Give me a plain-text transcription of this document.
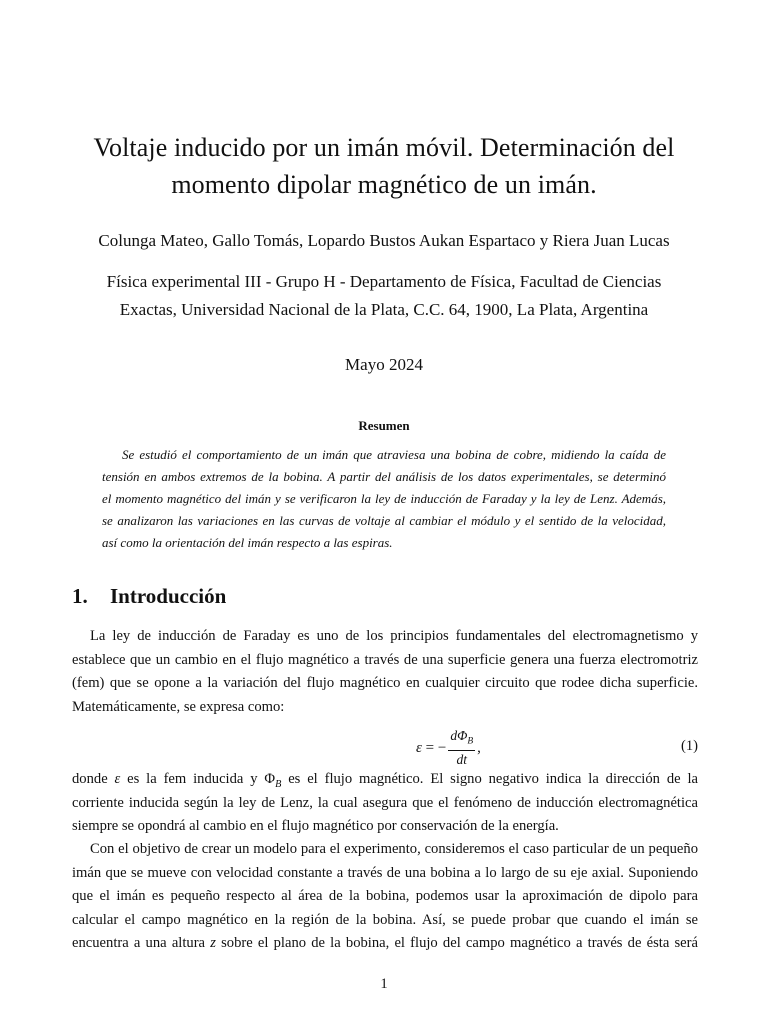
Voltaje inducido por un imán móvil. Determinación del
momento dipolar magnético de un imán.
Colunga Mateo, Gallo Tomás, Lopardo Bustos Aukan Espartaco y Riera Juan Lucas
Física experimental III - Grupo H - Departamento de Física, Facultad de Ciencias
Exactas, Universidad Nacional de la Plata, C.C. 64, 1900, La Plata, Argentina
Mayo 2024
Resumen
Se estudió el comportamiento de un imán que atraviesa una bobina de cobre, midiendo la caída de
tensión en ambos extremos de la bobina. A partir del análisis de los datos experimentales, se determinó
el momento magnético del imán y se verificaron la ley de inducción de Faraday y la ley de Lenz. Además,
se analizaron las variaciones en las curvas de voltaje al cambiar el módulo y el sentido de la velocidad,
así como la orientación del imán respecto a las espiras.
1. Introducción
La ley de inducción de Faraday es uno de los principios fundamentales del electromagnetismo y
establece que un cambio en el flujo magnético a través de una superficie genera una fuerza electromotriz
(fem) que se opone a la variación del flujo magnético en cualquier circuito que rodee dicha superficie.
Matemáticamente, se expresa como:
ε = − $\frac{d\Phi_B}{dt}$ ,	(1)
donde ε es la fem inducida y $\Phi_B$ es el flujo magnético. El signo negativo indica la dirección de la
corriente inducida según la ley de Lenz, la cual asegura que el fenómeno de inducción electromagnética
siempre se opondrá al cambio en el flujo magnético por conservación de la energía.
Con el objetivo de crear un modelo para el experimento, consideremos el caso particular de un pequeño
imán que se mueve con velocidad constante a través de una bobina a lo largo de su eje axial. Suponiendo
que el imán es pequeño respecto al área de la bobina, podemos usar la aproximación de dipolo para
calcular el campo magnético en la región de la bobina. Así, se puede probar que cuando el imán se
encuentra a una altura z sobre el plano de la bobina, el flujo del campo magnético a través de ésta será
1
